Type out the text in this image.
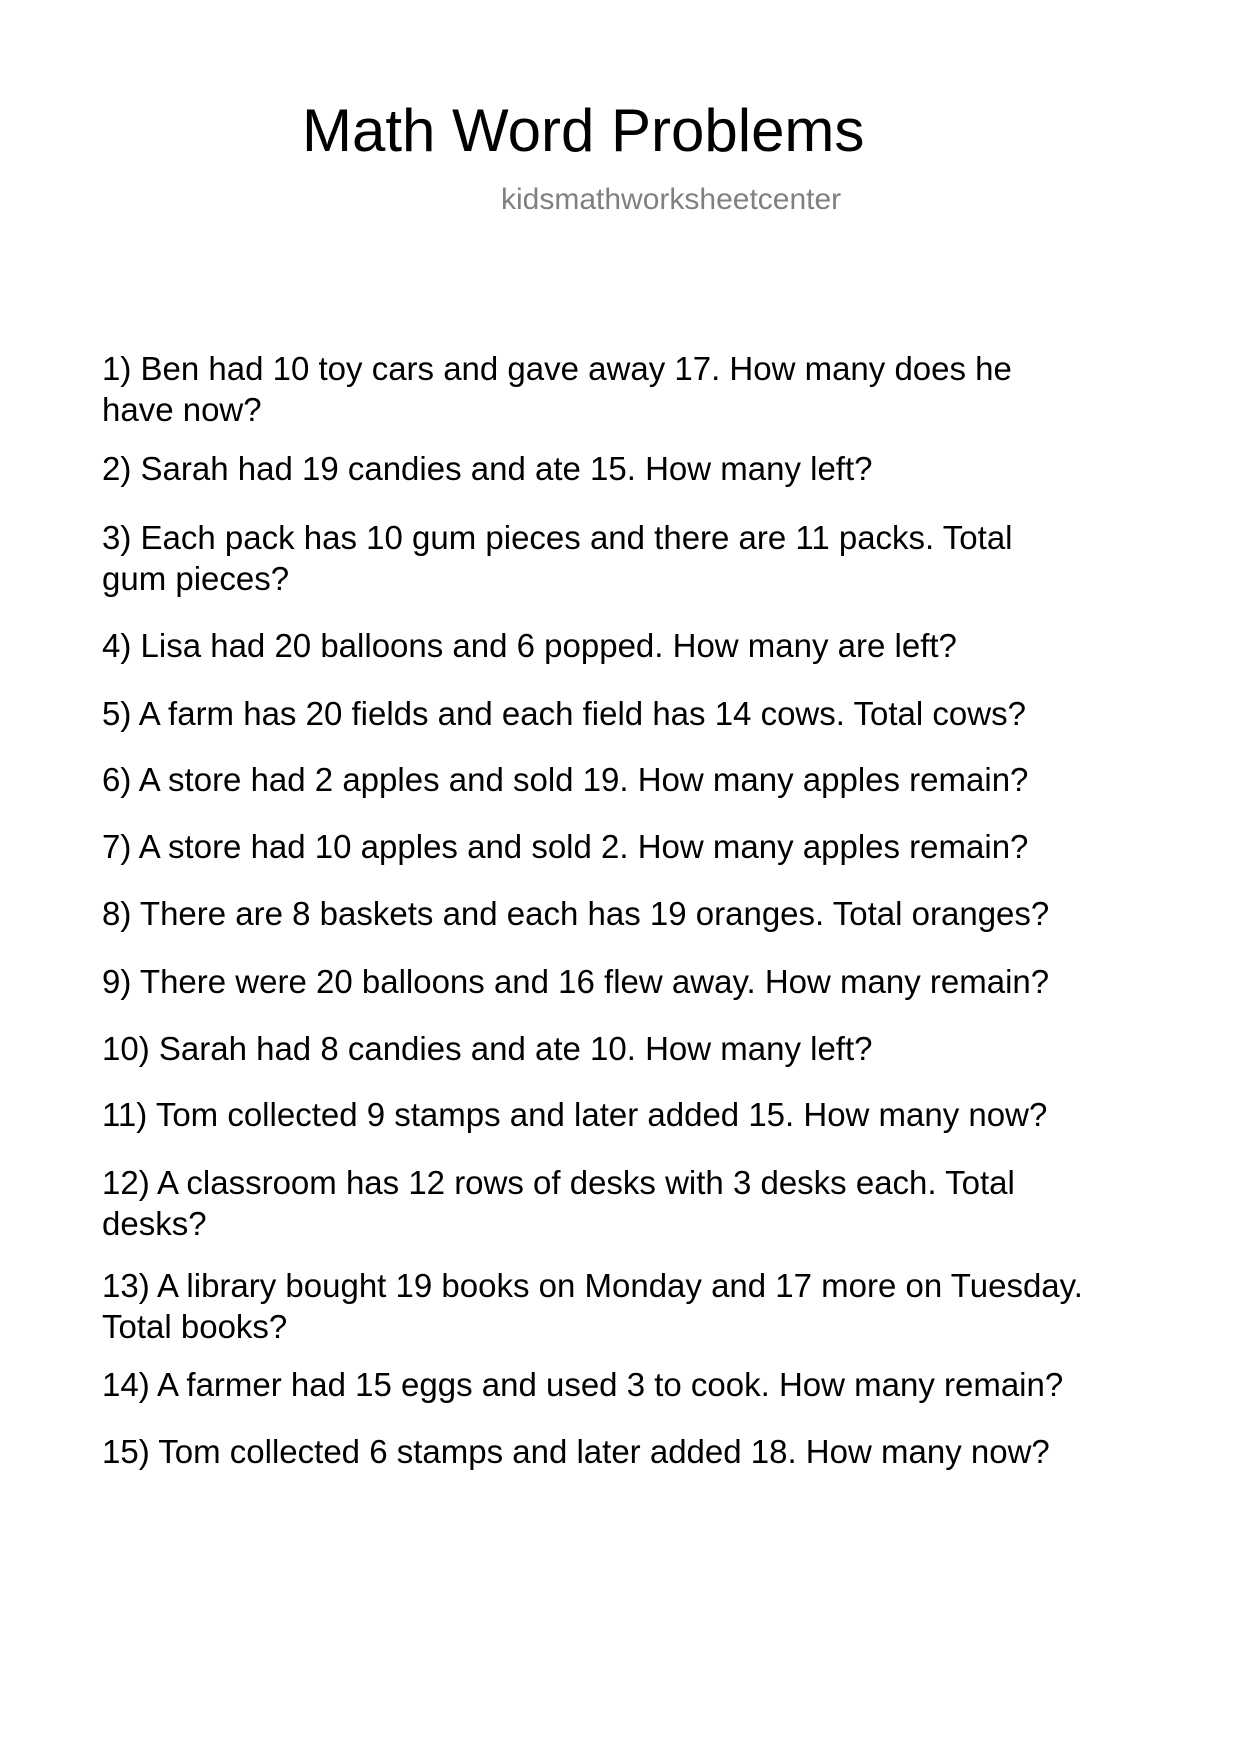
Math Word Problems
kidsmathworksheetcenter
1) Ben had 10 toy cars and gave away 17. How many does he
have now?
2) Sarah had 19 candies and ate 15. How many left?
3) Each pack has 10 gum pieces and there are 11 packs. Total
gum pieces?
4) Lisa had 20 balloons and 6 popped. How many are left?
5) A farm has 20 fields and each field has 14 cows. Total cows?
6) A store had 2 apples and sold 19. How many apples remain?
7) A store had 10 apples and sold 2. How many apples remain?
8) There are 8 baskets and each has 19 oranges. Total oranges?
9) There were 20 balloons and 16 flew away. How many remain?
10) Sarah had 8 candies and ate 10. How many left?
11) Tom collected 9 stamps and later added 15. How many now?
12) A classroom has 12 rows of desks with 3 desks each. Total
desks?
13) A library bought 19 books on Monday and 17 more on Tuesday.
Total books?
14) A farmer had 15 eggs and used 3 to cook. How many remain?
15) Tom collected 6 stamps and later added 18. How many now?
